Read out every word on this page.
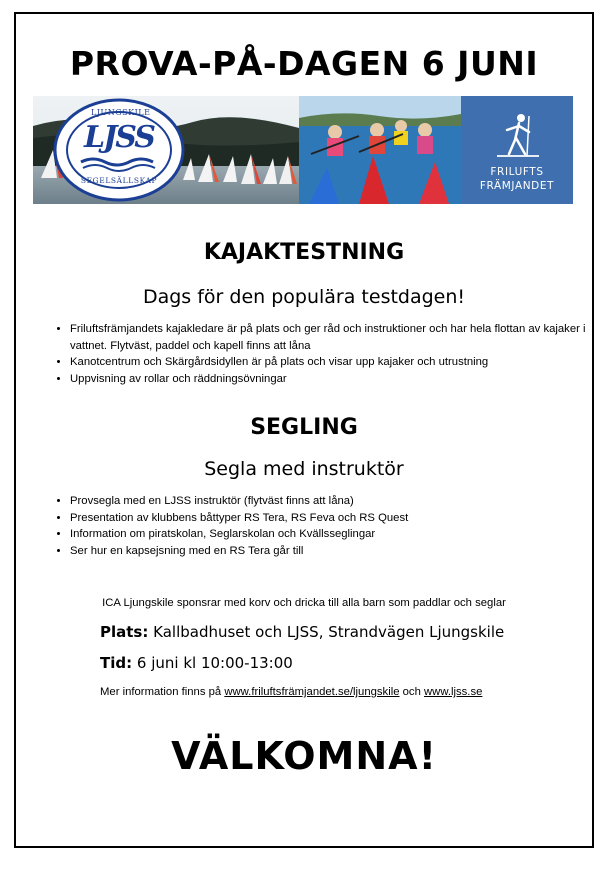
PROVA-PÅ-DAGEN 6 JUNI
LJUNGSKILE
LJSS
SEGELSÄLLSKAP
FRILUFTS
FRÄMJANDET
KAJAKTESTNING
Dags för den populära testdagen!
• Friluftsfrämjandets kajakledare är på plats och ger råd och instruktioner och har hela flottan av kajaker i vattnet. Flytväst, paddel och kapell finns att låna
• Kanotcentrum och Skärgårdsidyllen är på plats och visar upp kajaker och utrustning
• Uppvisning av rollar och räddningsövningar
SEGLING
Segla med instruktör
• Provsegla med en LJSS instruktör (flytväst finns att låna)
• Presentation av klubbens båttyper RS Tera, RS Feva och RS Quest
• Information om piratskolan, Seglarskolan och Kvällsseglingar
• Ser hur en kapsejsning med en RS Tera går till
ICA Ljungskile sponsrar med korv och dricka till alla barn som paddlar och seglar
Plats: Kallbadhuset och LJSS, Strandvägen Ljungskile
Tid: 6 juni kl 10:00-13:00
Mer information finns på www.friluftsfrämjandet.se/ljungskile och www.ljss.se
VÄLKOMNA!
